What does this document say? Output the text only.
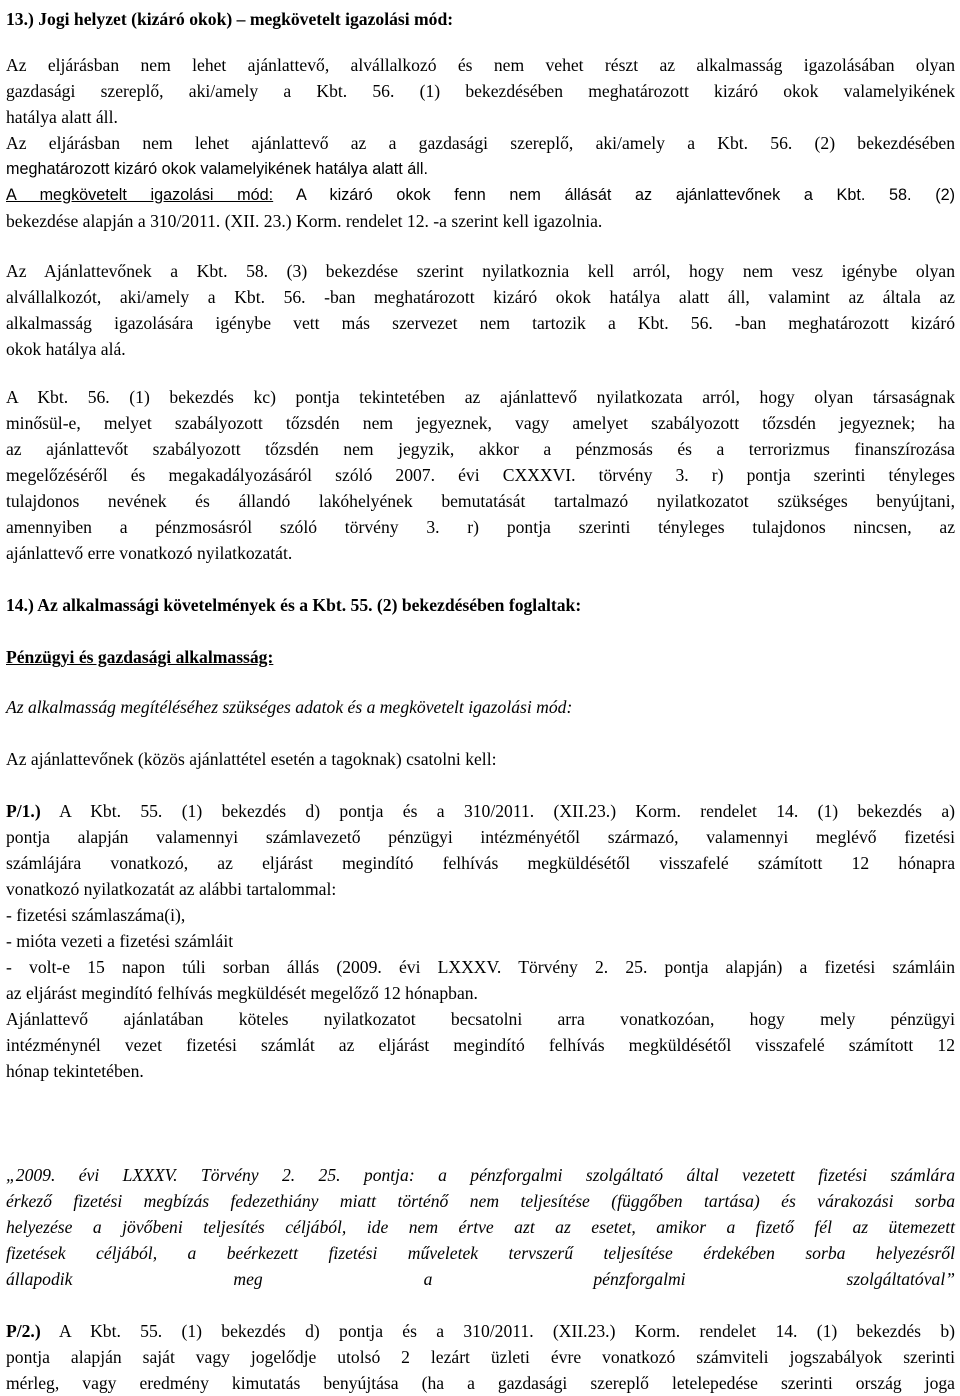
13.) Jogi helyzet (kizáró okok) – megkövetelt igazolási mód:
Az eljárásban nem lehet ajánlattevő, alvállalkozó és nem vehet részt az alkalmasság igazolásában olyan
gazdasági szereplő, aki/amely a Kbt. 56. (1) bekezdésében meghatározott kizáró okok valamelyikének
hatálya alatt áll.
Az eljárásban nem lehet ajánlattevő az a gazdasági szereplő, aki/amely a Kbt. 56. (2) bekezdésében
meghatározott kizáró okok valamelyikének hatálya alatt áll.
A megkövetelt igazolási mód: A kizáró okok fenn nem állását az ajánlattevőnek a Kbt. 58. (2)
bekezdése alapján a 310/2011. (XII. 23.) Korm. rendelet 12. -a szerint kell igazolnia.
Az Ajánlattevőnek a Kbt. 58. (3) bekezdése szerint nyilatkoznia kell arról, hogy nem vesz igénybe olyan
alvállalkozót, aki/amely a Kbt. 56. -ban meghatározott kizáró okok hatálya alatt áll, valamint az általa az
alkalmasság igazolására igénybe vett más szervezet nem tartozik a Kbt. 56. -ban meghatározott kizáró
okok hatálya alá.
A Kbt. 56. (1) bekezdés kc) pontja tekintetében az ajánlattevő nyilatkozata arról, hogy olyan társaságnak
minősül-e, melyet szabályozott tőzsdén nem jegyeznek, vagy amelyet szabályozott tőzsdén jegyeznek; ha
az ajánlattevőt szabályozott tőzsdén nem jegyzik, akkor a pénzmosás és a terrorizmus finanszírozása
megelőzéséről és megakadályozásáról szóló 2007. évi CXXXVI. törvény 3. r) pontja szerinti tényleges
tulajdonos nevének és állandó lakóhelyének bemutatását tartalmazó nyilatkozatot szükséges benyújtani,
amennyiben a pénzmosásról szóló törvény 3. r) pontja szerinti tényleges tulajdonos nincsen, az
ajánlattevő erre vonatkozó nyilatkozatát.
14.) Az alkalmassági követelmények és a Kbt. 55. (2) bekezdésében foglaltak:
Pénzügyi és gazdasági alkalmasság:
Az alkalmasság megítéléséhez szükséges adatok és a megkövetelt igazolási mód:
Az ajánlattevőnek (közös ajánlattétel esetén a tagoknak) csatolni kell:
P/1.) A Kbt. 55. (1) bekezdés d) pontja és a 310/2011. (XII.23.) Korm. rendelet 14. (1) bekezdés a)
pontja alapján valamennyi számlavezető pénzügyi intézményétől származó, valamennyi meglévő fizetési
számlájára vonatkozó, az eljárást megindító felhívás megküldésétől visszafelé számított 12 hónapra
vonatkozó nyilatkozatát az alábbi tartalommal:
- fizetési számlaszáma(i),
- mióta vezeti a fizetési számláit
- volt-e 15 napon túli sorban állás (2009. évi LXXXV. Törvény 2. 25. pontja alapján) a fizetési számláin
az eljárást megindító felhívás megküldését megelőző 12 hónapban.
Ajánlattevő ajánlatában köteles nyilatkozatot becsatolni arra vonatkozóan, hogy mely pénzügyi
intézménynél vezet fizetési számlát az eljárást megindító felhívás megküldésétől visszafelé számított 12
hónap tekintetében.
„2009. évi LXXXV. Törvény 2. 25. pontja: a pénzforgalmi szolgáltató által vezetett fizetési számlára
érkező fizetési megbízás fedezethiány miatt történő nem teljesítése (függőben tartása) és várakozási sorba
helyezése a jövőbeni teljesítés céljából, ide nem értve azt az esetet, amikor a fizető fél az ütemezett
fizetések céljából, a beérkezett fizetési műveletek tervszerű teljesítése érdekében sorba helyezésről
állapodik meg a pénzforgalmi szolgáltatóval”
P/2.) A Kbt. 55. (1) bekezdés d) pontja és a 310/2011. (XII.23.) Korm. rendelet 14. (1) bekezdés b)
pontja alapján saját vagy jogelődje utolsó 2 lezárt üzleti évre vonatkozó számviteli jogszabályok szerinti
mérleg, vagy eredmény kimutatás benyújtása (ha a gazdasági szereplő letelepedése szerinti ország joga
